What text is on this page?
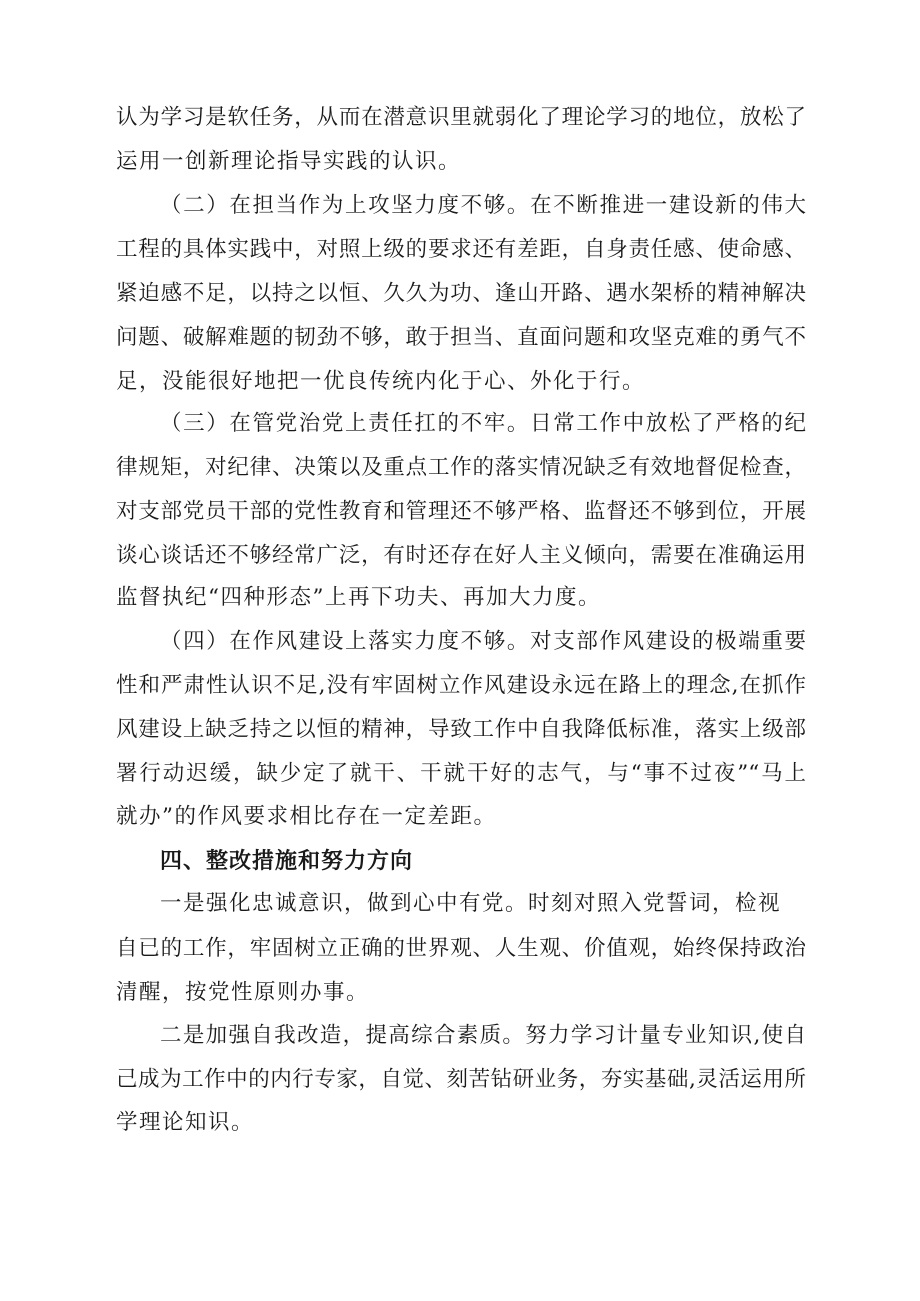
认为学习是软任务，从而在潜意识里就弱化了理论学习的地位，放松了
运用一创新理论指导实践的认识。
（二）在担当作为上攻坚力度不够。在不断推进一建设新的伟大
工程的具体实践中，对照上级的要求还有差距，自身责任感、使命感、
紧迫感不足，以持之以恒、久久为功、逢山开路、遇水架桥的精神解决
问题、破解难题的韧劲不够，敢于担当、直面问题和攻坚克难的勇气不
足，没能很好地把一优良传统内化于心、外化于行。
（三）在管党治党上责任扛的不牢。日常工作中放松了严格的纪
律规矩，对纪律、决策以及重点工作的落实情况缺乏有效地督促检查，
对支部党员干部的党性教育和管理还不够严格、监督还不够到位，开展
谈心谈话还不够经常广泛，有时还存在好人主义倾向，需要在准确运用
监督执纪“四种形态”上再下功夫、再加大力度。
（四）在作风建设上落实力度不够。对支部作风建设的极端重要
性和严肃性认识不足,没有牢固树立作风建设永远在路上的理念,在抓作
风建设上缺乏持之以恒的精神，导致工作中自我降低标准，落实上级部
署行动迟缓，缺少定了就干、干就干好的志气，与“事不过夜”“马上
就办”的作风要求相比存在一定差距。
四、整改措施和努力方向
一是强化忠诚意识，做到心中有党。时刻对照入党誓词，检视
自已的工作，牢固树立正确的世界观、人生观、价值观，始终保持政治
清醒，按党性原则办事。
二是加强自我改造，提高综合素质。努力学习计量专业知识,使自
己成为工作中的内行专家，自觉、刻苦钻研业务，夯实基础,灵活运用所
学理论知识。
